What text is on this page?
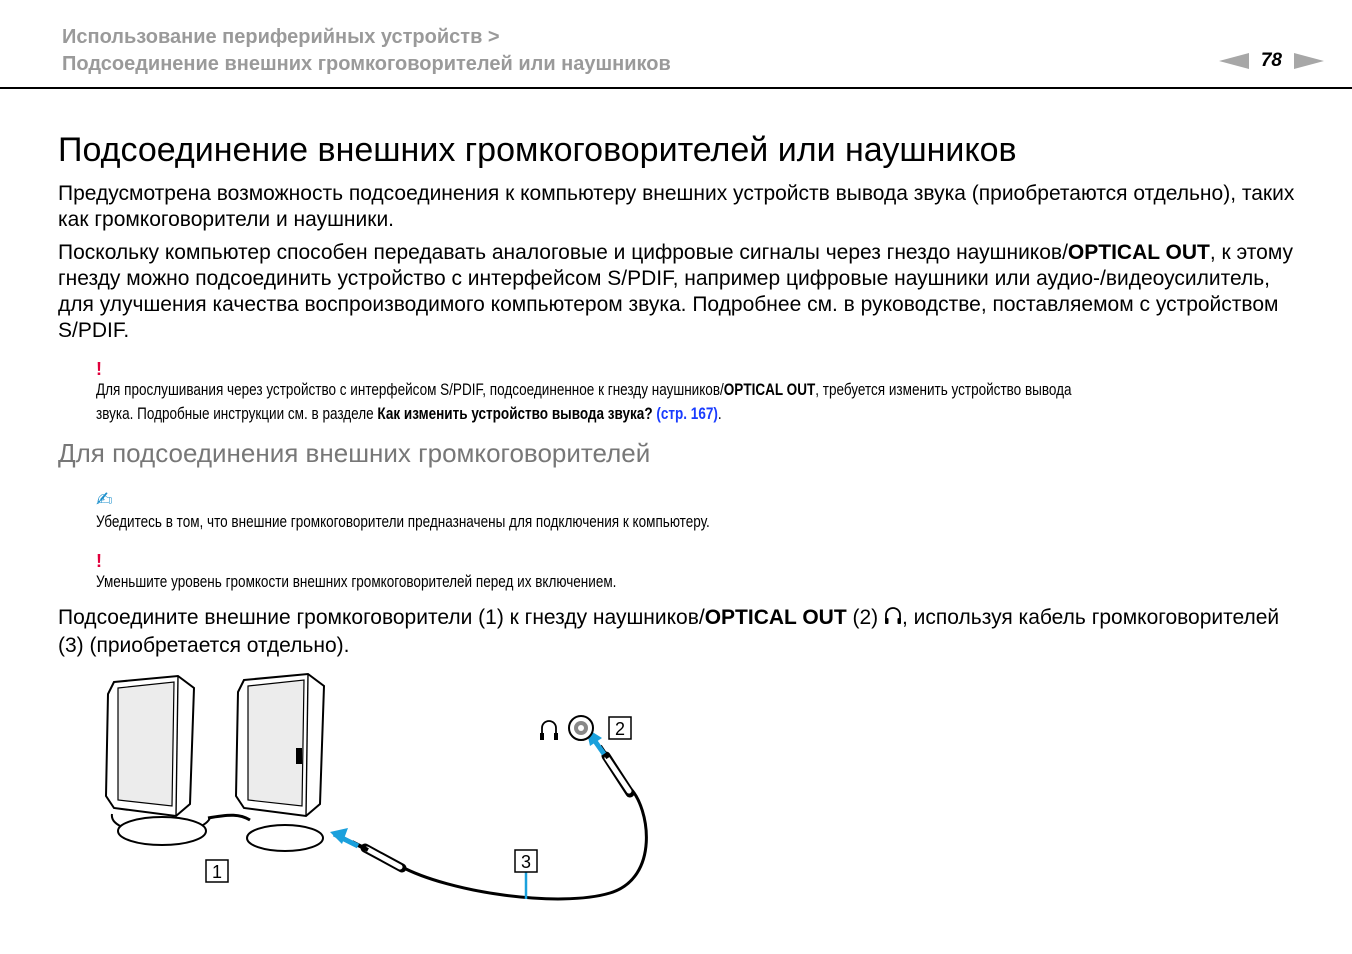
Использование периферийных устройств >
Подсоединение внешних громкоговорителей или наушников	78
Подсоединение внешних громкоговорителей или наушников

Предусмотрена возможность подсоединения к компьютеру внешних устройств вывода звука (приобретаются отдельно), таких как громкоговорители и наушники.

Поскольку компьютер способен передавать аналоговые и цифровые сигналы через гнездо наушников/OPTICAL OUT, к этому гнезду можно подсоединить устройство с интерфейсом S/PDIF, например цифровые наушники или аудио-/видеоусилитель, для улучшения качества воспроизводимого компьютером звука. Подробнее см. в руководстве, поставляемом с устройством S/PDIF.

!
Для прослушивания через устройство с интерфейсом S/PDIF, подсоединенное к гнезду наушников/OPTICAL OUT, требуется изменить устройство вывода
звука. Подробные инструкции см. в разделе Как изменить устройство вывода звука? (стр. 167).
Для подсоединения внешних громкоговорителей
✍
Убедитесь в том, что внешние громкоговорители предназначены для подключения к компьютеру.
!
Уменьшите уровень громкости внешних громкоговорителей перед их включением.

Подсоедините внешние громкоговорители (1) к гнезду наушников/OPTICAL OUT (2) , используя кабель громкоговорителей (3) (приобретается отдельно).

1
2
3
